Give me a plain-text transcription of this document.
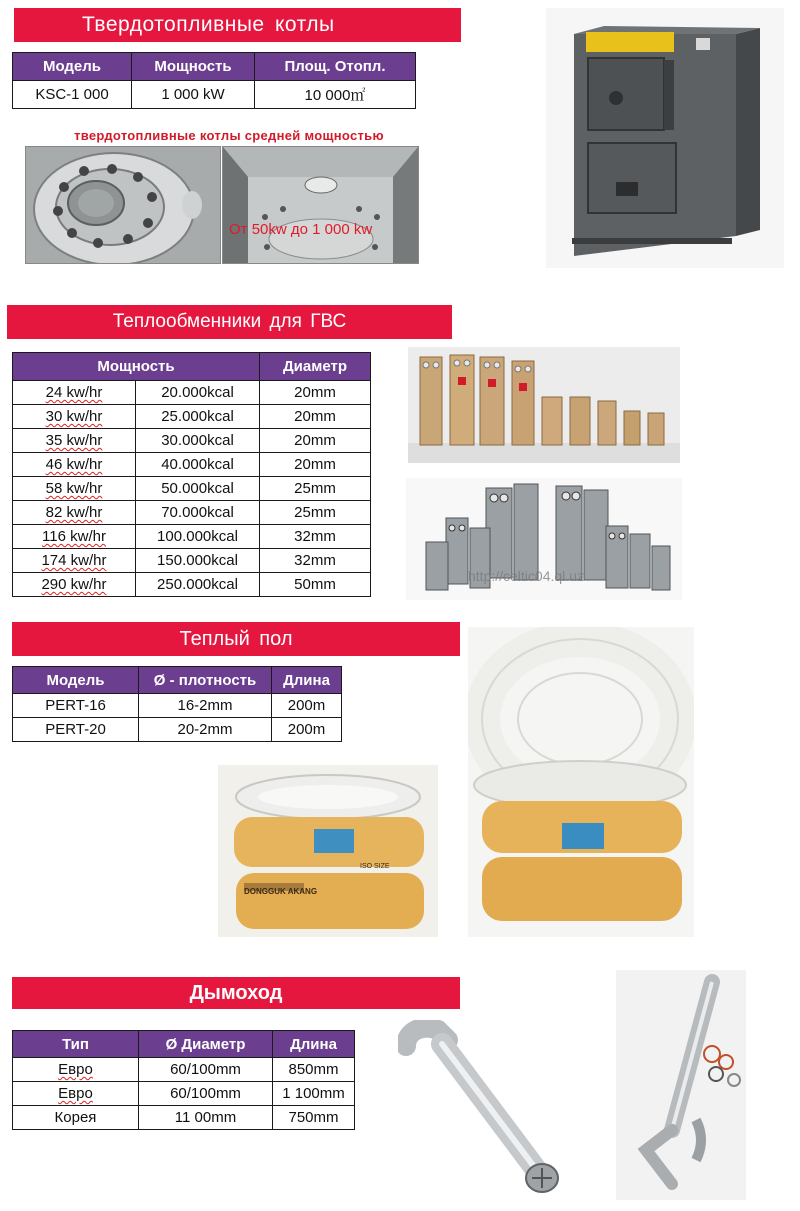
Твердотопливные котлы
Модель	Мощность	Площ. Отопл.
KSC-1 000	1 000 kW	10 000㎡
твердотопливные котлы средней мощностью
От 50kw до 1 000 kw
Теплообменники для ГВС
Мощность		Диаметр
24 kw/hr	20.000kcal	20mm
30 kw/hr	25.000kcal	20mm
35 kw/hr	30.000kcal	20mm
46 kw/hr	40.000kcal	20mm
58 kw/hr	50.000kcal	25mm
82 kw/hr	70.000kcal	25mm
116 kw/hr	100.000kcal	32mm
174 kw/hr	150.000kcal	32mm
290 kw/hr	250.000kcal	50mm	http://celtic04.ql.uz
Теплый пол
Модель	Ø - плотность	Длина
PERT-16	16-2mm	200m
PERT-20	20-2mm	200m
DONGGUK AKANG
ISO SIZE
Дымоход
Тип	Ø Диаметр	Длина
Евро	60/100mm	850mm
Евро	60/100mm	1 100mm
Корея	11 00mm	750mm
